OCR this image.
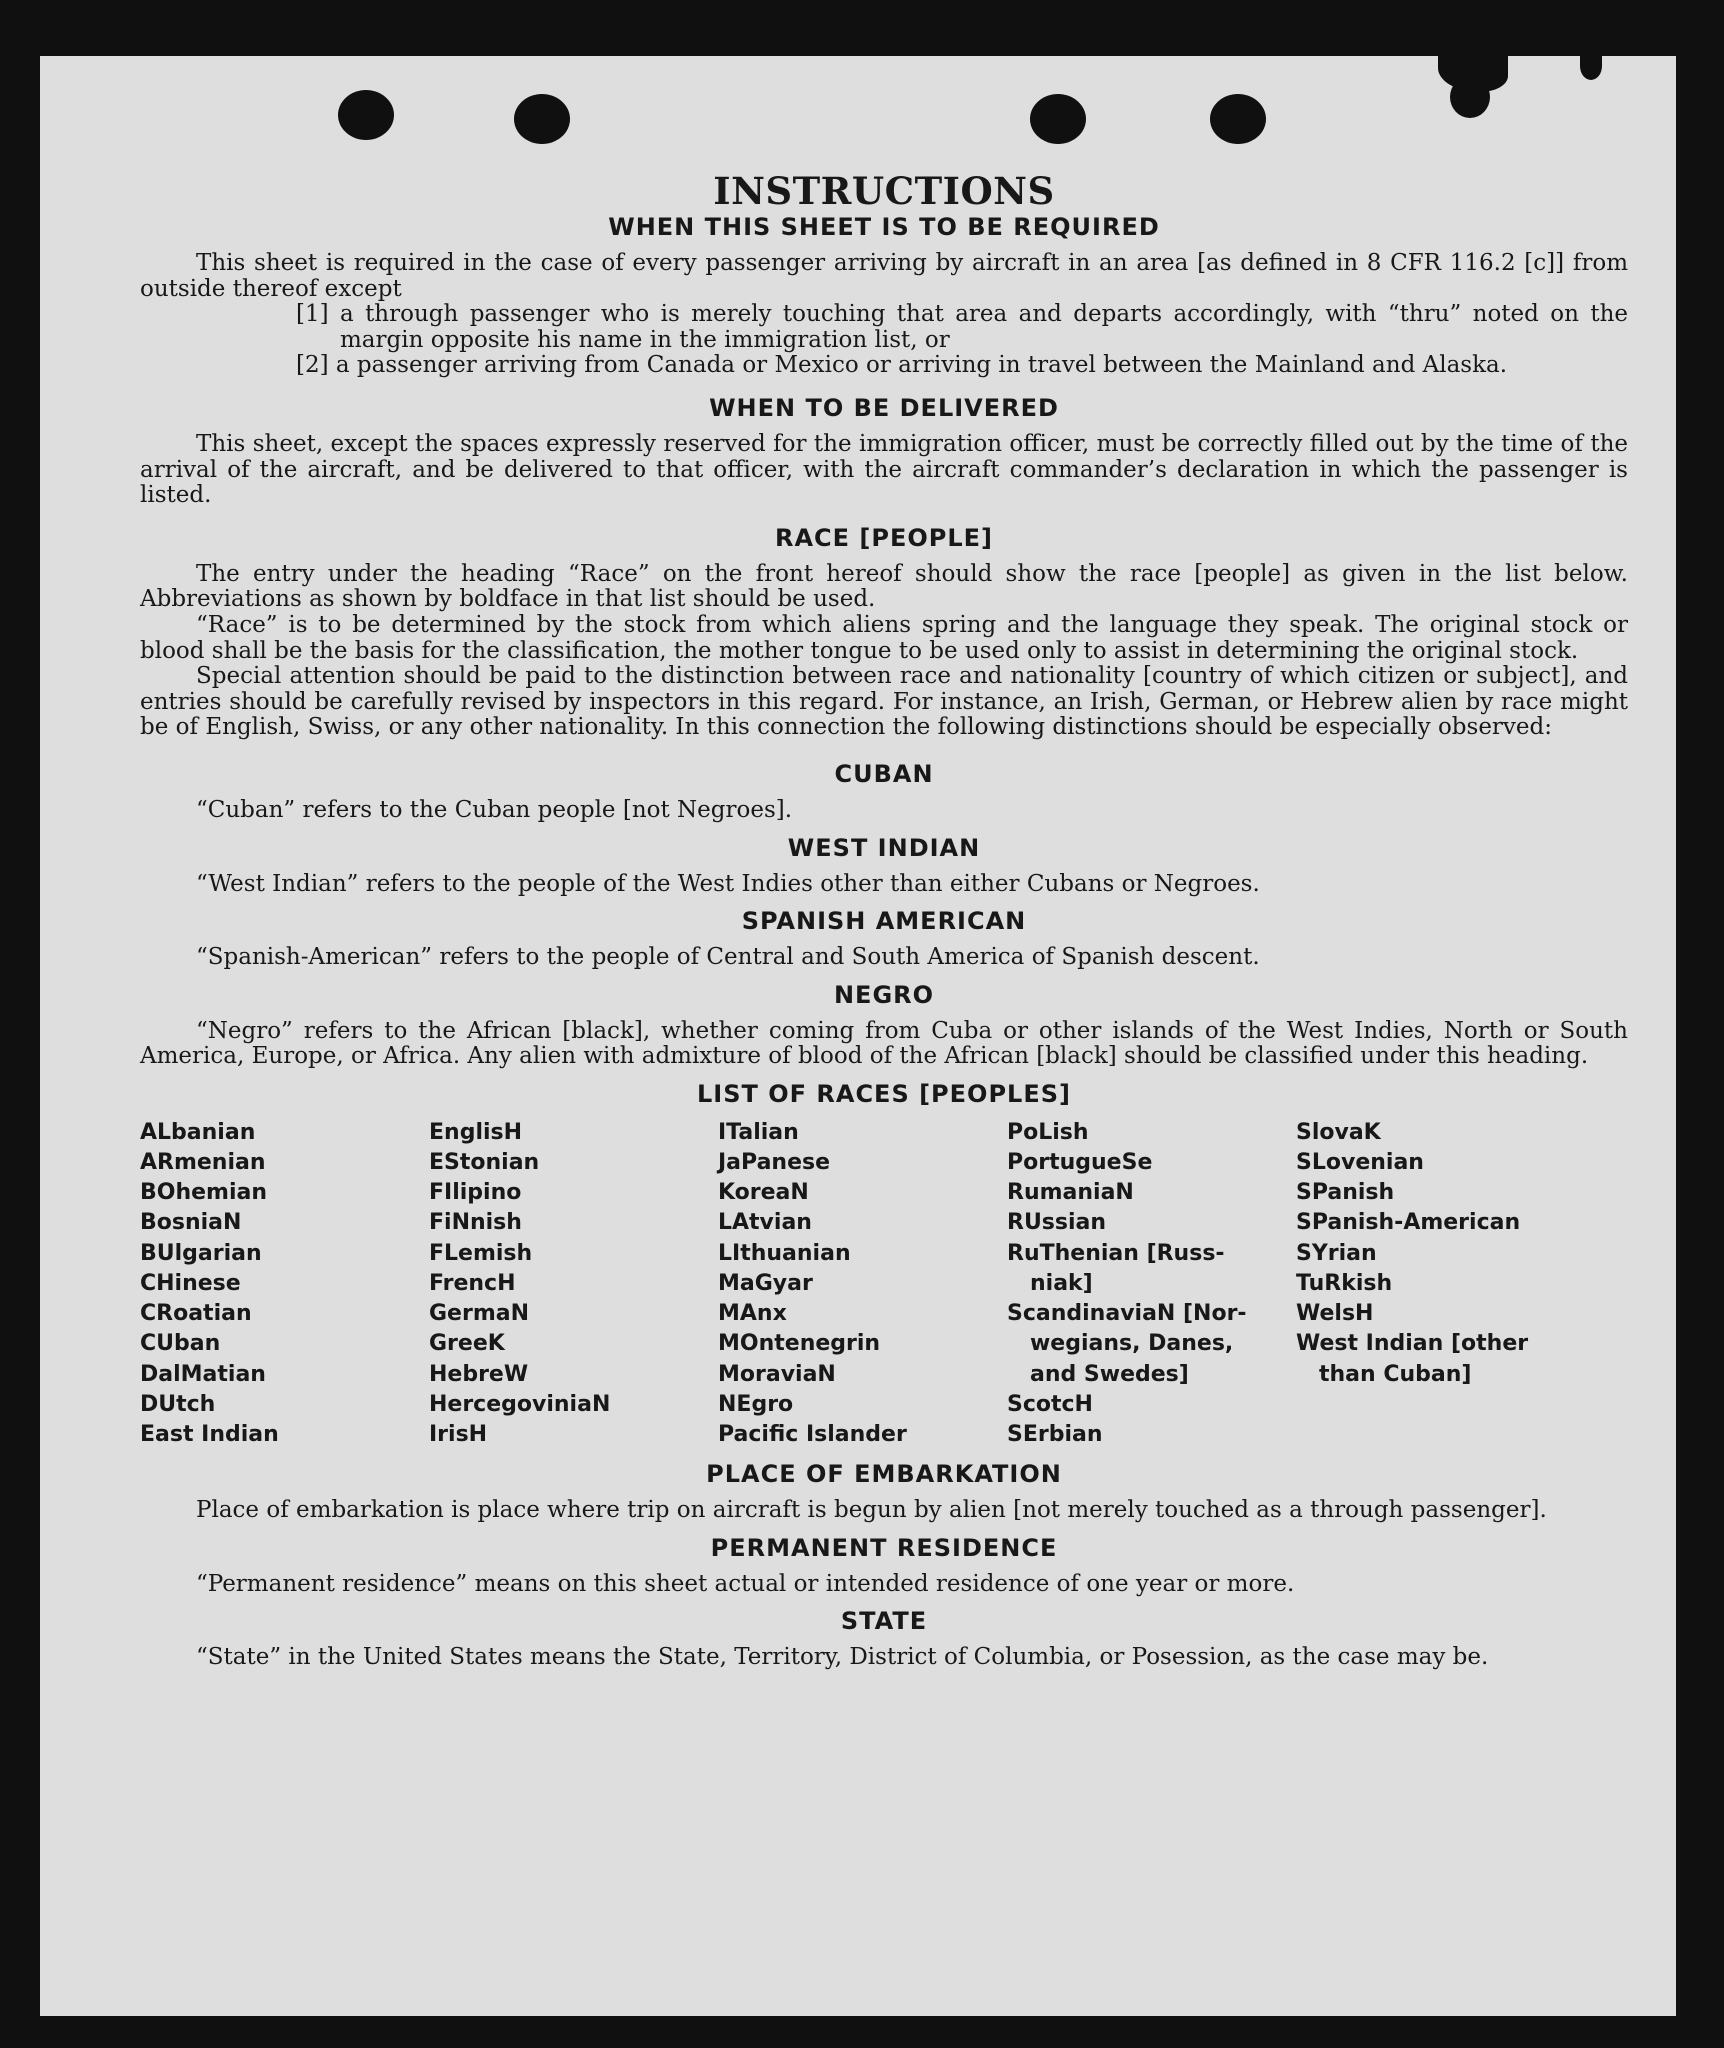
INSTRUCTIONS
WHEN THIS SHEET IS TO BE REQUIRED

This sheet is required in the case of every passenger arriving by aircraft in an area [as defined in 8 CFR 116.2 [c]] from outside thereof except

[1] a through passenger who is merely touching that area and departs accordingly, with “thru” noted on the margin opposite his name in the immigration list, or

[2] a passenger arriving from Canada or Mexico or arriving in travel between the Mainland and Alaska.

WHEN TO BE DELIVERED

This sheet, except the spaces expressly reserved for the immigration officer, must be correctly filled out by the time of the arrival of the aircraft, and be delivered to that officer, with the aircraft commander’s declaration in which the passenger is listed.

RACE [PEOPLE]

The entry under the heading “Race” on the front hereof should show the race [people] as given in the list below. Abbreviations as shown by boldface in that list should be used.

“Race” is to be determined by the stock from which aliens spring and the language they speak. The original stock or blood shall be the basis for the classification, the mother tongue to be used only to assist in determining the original stock.

Special attention should be paid to the distinction between race and nationality [country of which citizen or subject], and entries should be carefully revised by inspectors in this regard. For instance, an Irish, German, or Hebrew alien by race might be of English, Swiss, or any other nationality. In this connection the following distinctions should be especially observed:

CUBAN

“Cuban” refers to the Cuban people [not Negroes].

WEST INDIAN

“West Indian” refers to the people of the West Indies other than either Cubans or Negroes.

SPANISH AMERICAN

“Spanish-American” refers to the people of Central and South America of Spanish descent.

NEGRO

“Negro” refers to the African [black], whether coming from Cuba or other islands of the West Indies, North or South America, Europe, or Africa. Any alien with admixture of blood of the African [black] should be classified under this heading.

LIST OF RACES [PEOPLES]
ALbanian
ARmenian
BOhemian
BosniaN
BUlgarian
CHinese
CRoatian
CUban
DalMatian
DUtch
East Indian
EnglisH
EStonian
FIlipino
FiNnish
FLemish
FrencH
GermaN
GreeK
HebreW
HercegoviniaN
IrisH
ITalian
JaPanese
KoreaN
LAtvian
LIthuanian
MaGyar
MAnx
MOntenegrin
MoraviaN
NEgro
Pacific Islander
PoLish
PortugueSe
RumaniaN
RUssian
RuThenian [Russ-
niak]
ScandinaviaN [Nor-
wegians, Danes,
and Swedes]
ScotcH
SErbian
SlovaK
SLovenian
SPanish
SPanish-American
SYrian
TuRkish
WelsH
West Indian [other
than Cuban]
PLACE OF EMBARKATION

Place of embarkation is place where trip on aircraft is begun by alien [not merely touched as a through passenger].

PERMANENT RESIDENCE

“Permanent residence” means on this sheet actual or intended residence of one year or more.

STATE

“State” in the United States means the State, Territory, District of Columbia, or Posession, as the case may be.
